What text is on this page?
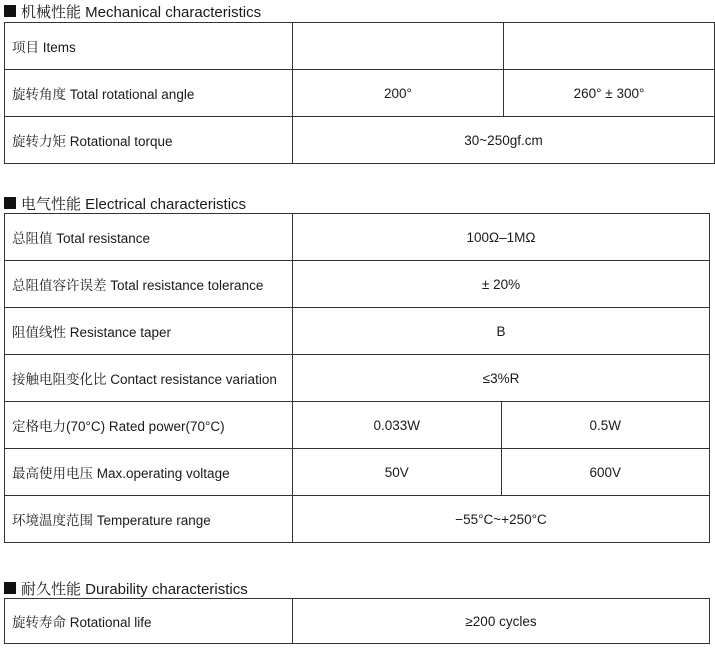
机械性能 Mechanical characteristics
项目 Items		
旋转角度 Total rotational angle	200°	260° ± 300°
旋转力矩 Rotational torque	30~250gf.cm	
电气性能 Electrical characteristics
总阻值 Total resistance	100Ω–1MΩ	
总阻值容许误差 Total resistance tolerance	± 20%	
阻值线性 Resistance taper	B	
接触电阻变化比 Contact resistance variation	≤3%R	
定格电力(70°C) Rated power(70°C)	0.033W	0.5W
最高使用电压 Max.operating voltage	50V	600V
环境温度范围 Temperature range	−55°C~+250°C	
耐久性能 Durability characteristics
旋转寿命 Rotational life	≥200 cycles
